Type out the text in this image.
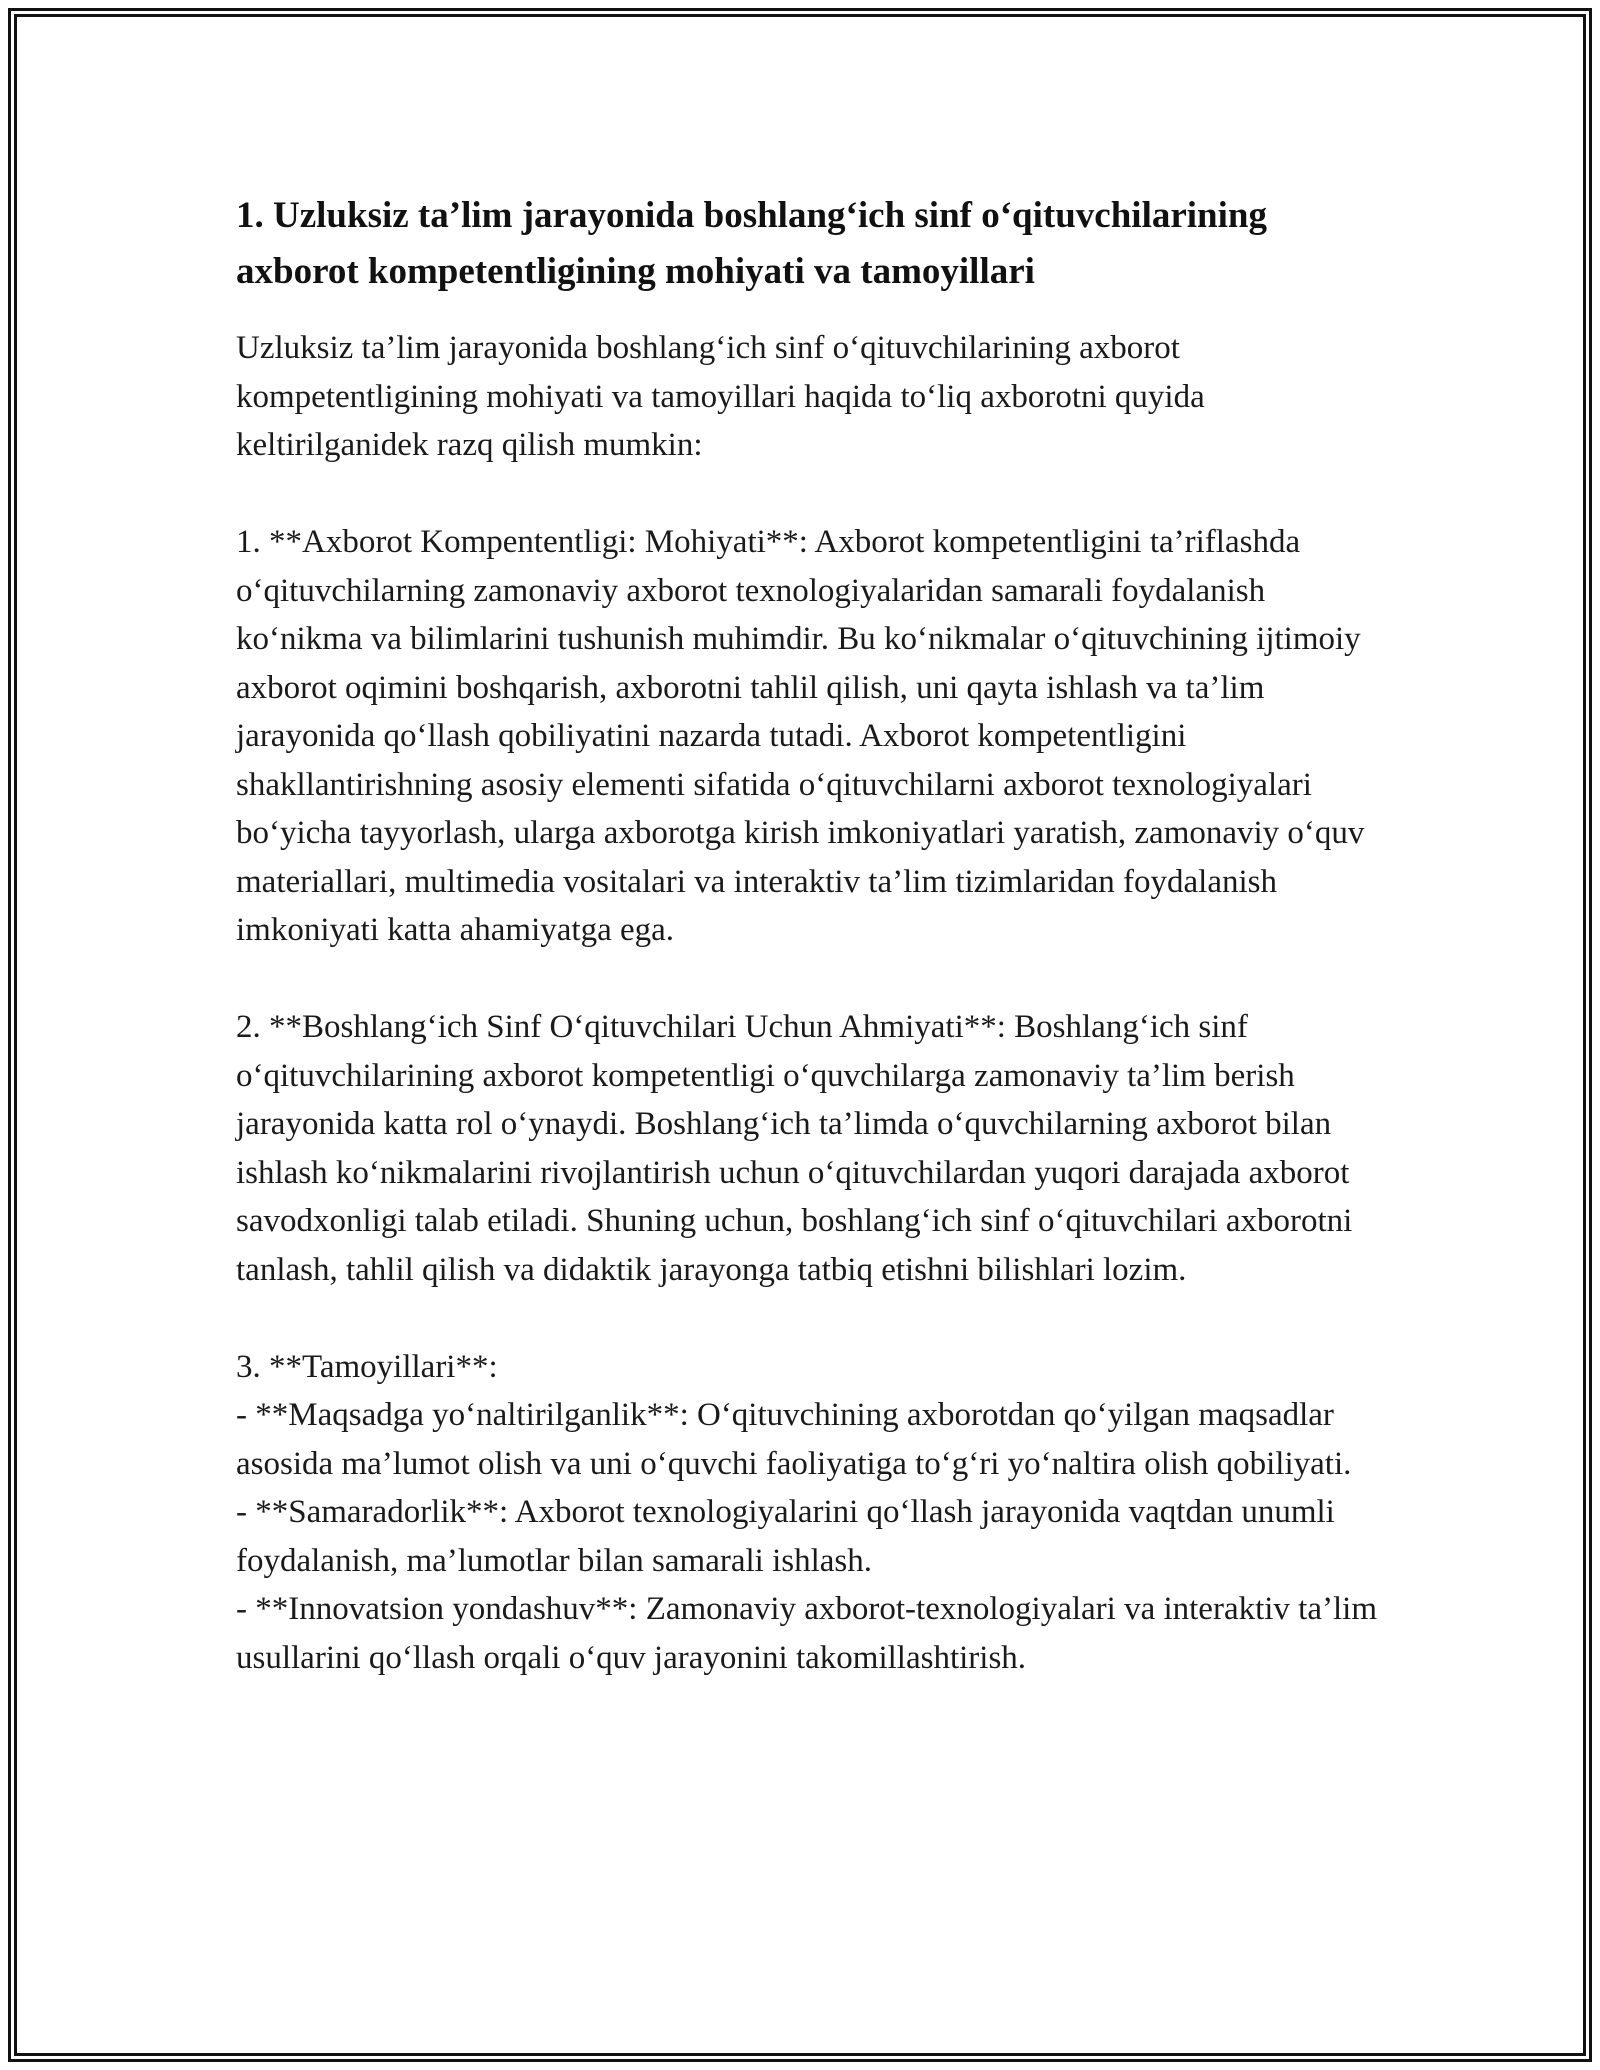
1. Uzluksiz ta’lim jarayonida boshlang‘ich sinf o‘qituvchilarining axborot kompetentligining mohiyati va tamoyillari

Uzluksiz ta’lim jarayonida boshlang‘ich sinf o‘qituvchilarining axborot kompetentligining mohiyati va tamoyillari haqida to‘liq axborotni quyida keltirilganidek razq qilish mumkin:

1. **Axborot Kompententligi: Mohiyati**: Axborot kompetentligini ta’riflashda o‘qituvchilarning zamonaviy axborot texnologiyalaridan samarali foydalanish ko‘nikma va bilimlarini tushunish muhimdir. Bu ko‘nikmalar o‘qituvchining ijtimoiy axborot oqimini boshqarish, axborotni tahlil qilish, uni qayta ishlash va ta’lim jarayonida qo‘llash qobiliyatini nazarda tutadi. Axborot kompetentligini shakllantirishning asosiy elementi sifatida o‘qituvchilarni axborot texnologiyalari bo‘yicha tayyorlash, ularga axborotga kirish imkoniyatlari yaratish, zamonaviy o‘quv materiallari, multimedia vositalari va interaktiv ta’lim tizimlaridan foydalanish imkoniyati katta ahamiyatga ega.

2. **Boshlang‘ich Sinf O‘qituvchilari Uchun Ahmiyati**: Boshlang‘ich sinf o‘qituvchilarining axborot kompetentligi o‘quvchilarga zamonaviy ta’lim berish jarayonida katta rol o‘ynaydi. Boshlang‘ich ta’limda o‘quvchilarning axborot bilan ishlash ko‘nikmalarini rivojlantirish uchun o‘qituvchilardan yuqori darajada axborot savodxonligi talab etiladi. Shuning uchun, boshlang‘ich sinf o‘qituvchilari axborotni tanlash, tahlil qilish va didaktik jarayonga tatbiq etishni bilishlari lozim.

3. **Tamoyillari**:
- **Maqsadga yo‘naltirilganlik**: O‘qituvchining axborotdan qo‘yilgan maqsadlar asosida ma’lumot olish va uni o‘quvchi faoliyatiga to‘g‘ri yo‘naltira olish qobiliyati.
- **Samaradorlik**: Axborot texnologiyalarini qo‘llash jarayonida vaqtdan unumli foydalanish, ma’lumotlar bilan samarali ishlash.
- **Innovatsion yondashuv**: Zamonaviy axborot-texnologiyalari va interaktiv ta’lim usullarini qo‘llash orqali o‘quv jarayonini takomillashtirish.
